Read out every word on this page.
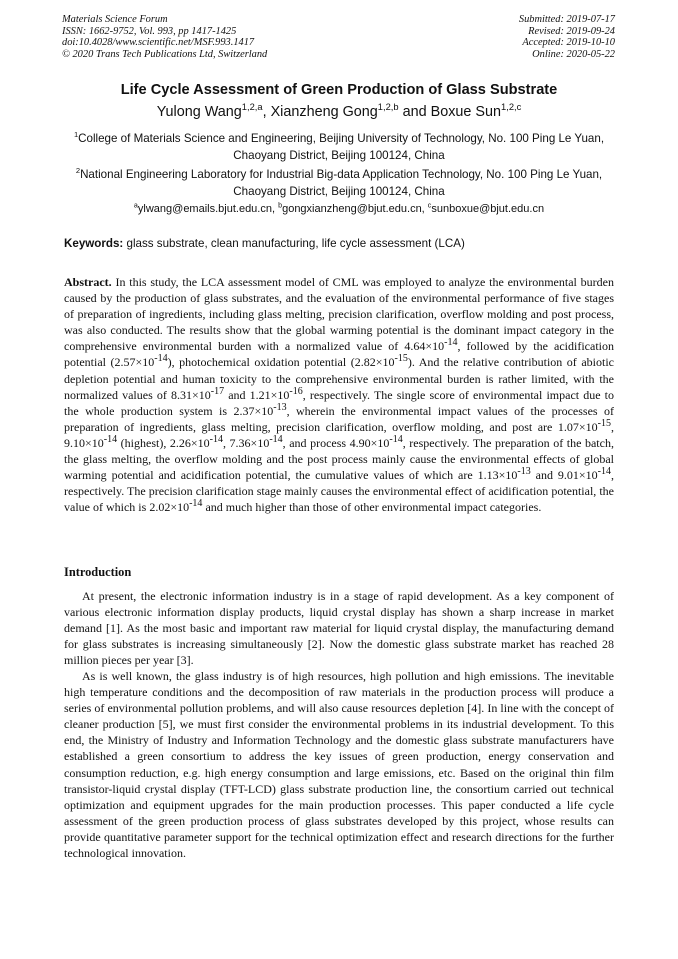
Materials Science Forum
ISSN: 1662-9752, Vol. 993, pp 1417-1425
doi:10.4028/www.scientific.net/MSF.993.1417
© 2020 Trans Tech Publications Ltd, Switzerland
Submitted: 2019-07-17
Revised: 2019-09-24
Accepted: 2019-10-10
Online: 2020-05-22
Life Cycle Assessment of Green Production of Glass Substrate
Yulong Wang$^{1,2,a}$, Xianzheng Gong$^{1,2,b}$ and Boxue Sun$^{1,2,c}$
$^1$College of Materials Science and Engineering, Beijing University of Technology, No. 100 Ping Le Yuan, Chaoyang District, Beijing 100124, China
$^2$National Engineering Laboratory for Industrial Big-data Application Technology, No. 100 Ping Le Yuan, Chaoyang District, Beijing 100124, China
$^a$ylwang@emails.bjut.edu.cn, $^b$gongxianzheng@bjut.edu.cn, $^c$sunboxue@bjut.edu.cn
Keywords: glass substrate, clean manufacturing, life cycle assessment (LCA)
Abstract. In this study, the LCA assessment model of CML was employed to analyze the environmental burden caused by the production of glass substrates, and the evaluation of the environmental performance of five stages of preparation of ingredients, including glass melting, precision clarification, overflow molding and post process, was also conducted. The results show that the global warming potential is the dominant impact category in the comprehensive environmental burden with a normalized value of $4.64\times 10^{-14}$, followed by the acidification potential $(2.57\times 10^{-14})$, photochemical oxidation potential $(2.82\times 10^{-15})$. And the relative contribution of abiotic depletion potential and human toxicity to the comprehensive environmental burden is rather limited, with the normalized values of $8.31\times 10^{-17}$ and $1.21\times 10^{-16}$, respectively. The single score of environmental impact due to the whole production system is $2.37\times 10^{-13}$, wherein the environmental impact values of the processes of preparation of ingredients, glass melting, precision clarification, overflow molding, and post are $1.07\times 10^{-15}$, $9.10\times 10^{-14}$ (highest), $2.26\times 10^{-14}$, $7.36\times 10^{-14}$, and process $4.90\times 10^{-14}$, respectively. The preparation of the batch, the glass melting, the overflow molding and the post process mainly cause the environmental effects of global warming potential and acidification potential, the cumulative values of which are $1.13\times 10^{-13}$ and $9.01\times 10^{-14}$, respectively. The precision clarification stage mainly causes the environmental effect of acidification potential, the value of which is $2.02\times 10^{-14}$ and much higher than those of other environmental impact categories.
Introduction
At present, the electronic information industry is in a stage of rapid development. As a key component of various electronic information display products, liquid crystal display has shown a sharp increase in market demand [1]. As the most basic and important raw material for liquid crystal display, the manufacturing demand for glass substrates is increasing simultaneously [2]. Now the domestic glass substrate market has reached 28 million pieces per year [3].
As is well known, the glass industry is of high resources, high pollution and high emissions. The inevitable high temperature conditions and the decomposition of raw materials in the production process will produce a series of environmental pollution problems, and will also cause resources depletion [4]. In line with the concept of cleaner production [5], we must first consider the environmental problems in its industrial development. To this end, the Ministry of Industry and Information Technology and the domestic glass substrate manufacturers have established a green consortium to address the key issues of green production, energy conservation and consumption reduction, e.g. high energy consumption and large emissions, etc. Based on the original thin film transistor-liquid crystal display (TFT-LCD) glass substrate production line, the consortium carried out technical optimization and equipment upgrades for the main production processes. This paper conducted a life cycle assessment of the green production process of glass substrates developed by this project, whose results can provide quantitative parameter support for the technical optimization effect and research directions for the further technological innovation.
